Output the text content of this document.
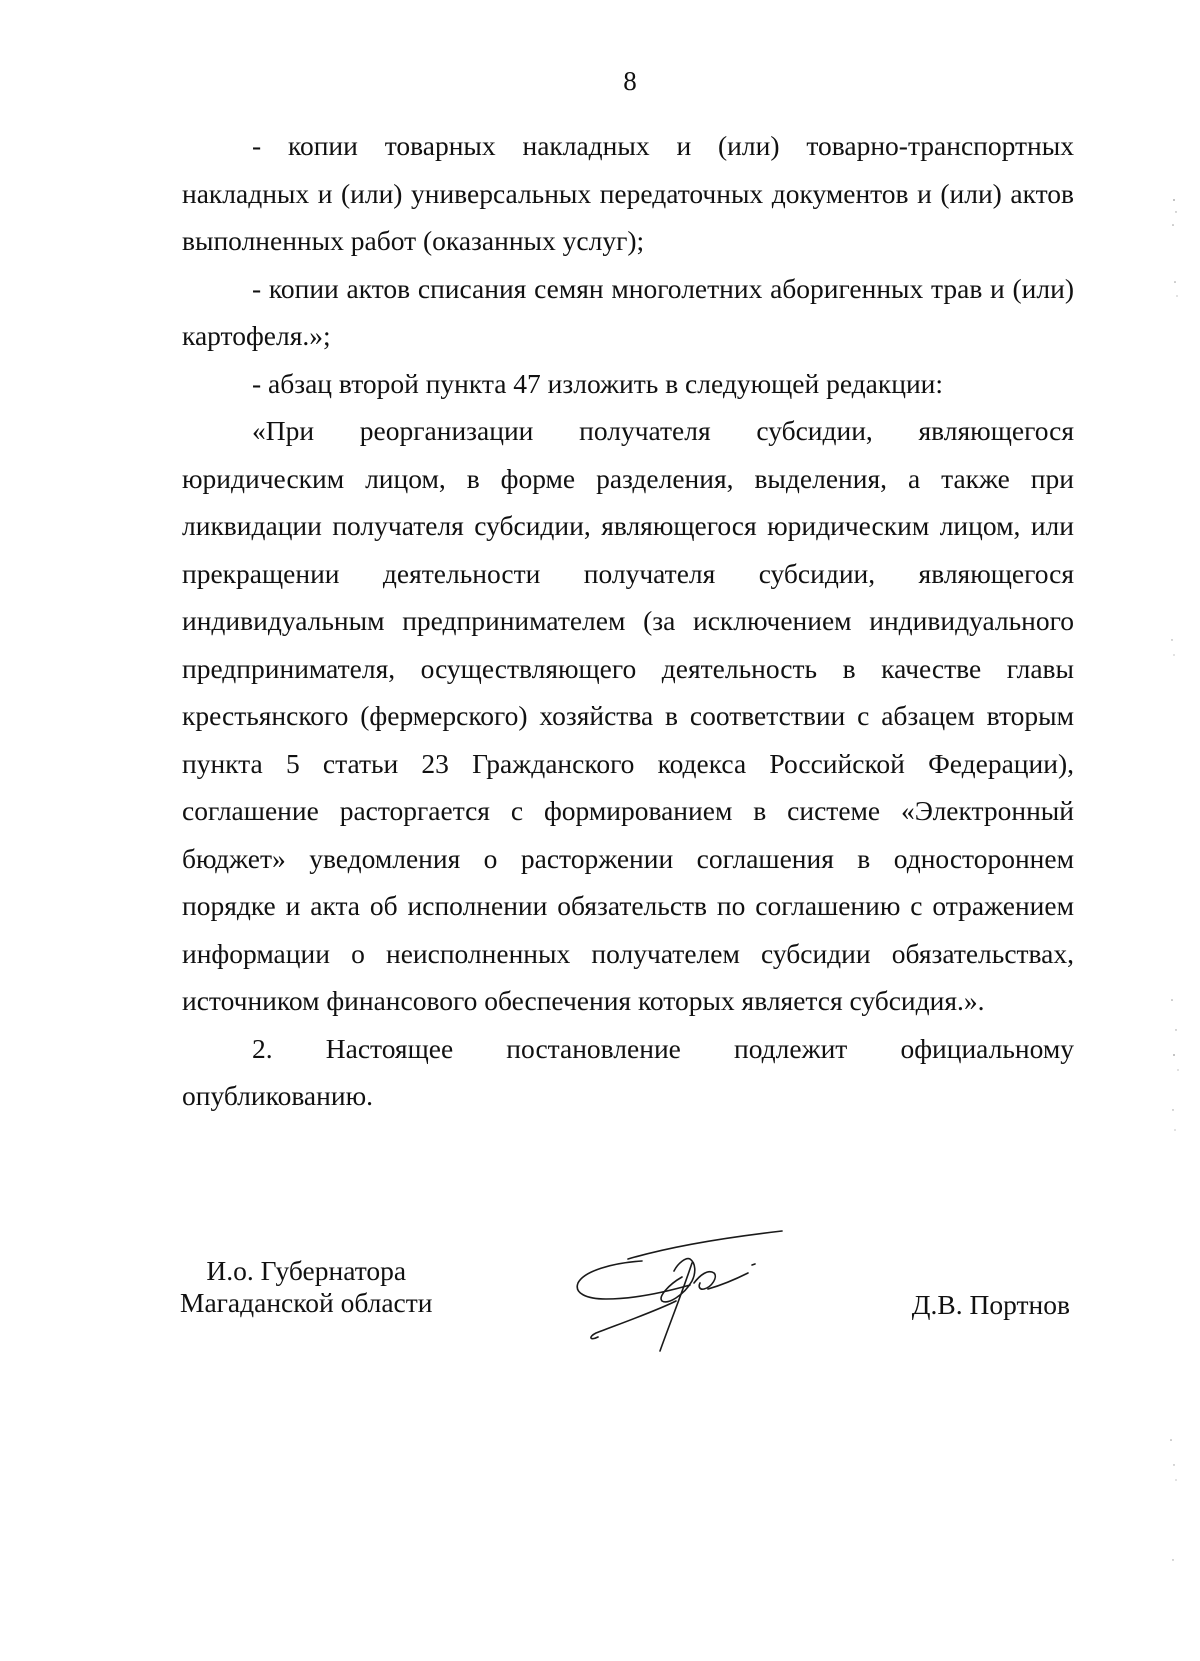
8

- копии товарных накладных и (или) товарно-транспортных накладных и (или) универсальных передаточных документов и (или) актов выполненных работ (оказанных услуг);

- копии актов списания семян многолетних аборигенных трав и (или) картофеля.»;

- абзац второй пункта 47 изложить в следующей редакции:

«При реорганизации получателя субсидии, являющегося юридическим лицом, в форме разделения, выделения, а также при ликвидации получателя субсидии, являющегося юридическим лицом, или прекращении деятельности получателя субсидии, являющегося индивидуальным предпринимателем (за исключением индивидуального предпринимателя, осуществляющего деятельность в качестве главы крестьянского (фермерского) хозяйства в соответствии с абзацем вторым пункта 5 статьи 23 Гражданского кодекса Российской Федерации), соглашение расторгается с формированием в системе «Электронный бюджет» уведомления о расторжении соглашения в одностороннем порядке и акта об исполнении обязательств по соглашению с отражением информации о неисполненных получателем субсидии обязательствах, источником финансового обеспечения которых является субсидия.».

2. Настоящее постановление подлежит официальному опубликованию.

И.о. Губернатора
Магаданской области	Д.В. Портнов
